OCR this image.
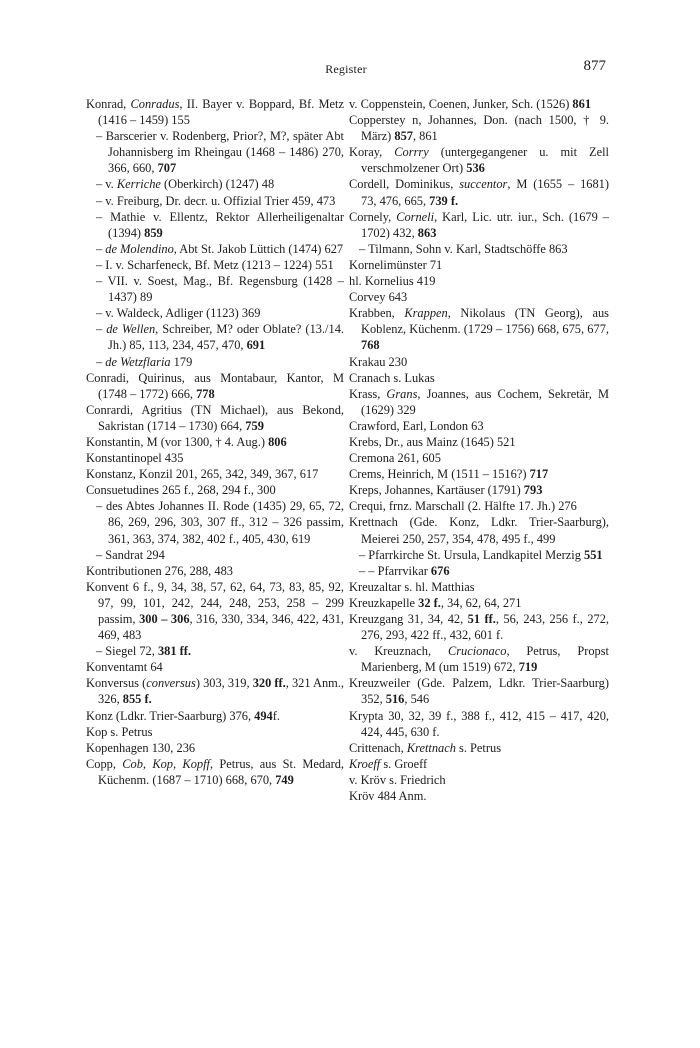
Register	877

Konrad, Conradus, II. Bayer v. Boppard, Bf. Metz (1416 – 1459) 155

– Barscerier v. Rodenberg, Prior?, M?, später Abt Johannisberg im Rheingau (1468 – 1486) 270, 366, 660, 707

– v. Kerriche (Oberkirch) (1247) 48

– v. Freiburg, Dr. decr. u. Offizial Trier 459, 473

– Mathie v. Ellentz, Rektor Allerheiligenaltar (1394) 859

– de Molendino, Abt St. Jakob Lüttich (1474) 627

– I. v. Scharfeneck, Bf. Metz (1213 – 1224) 551

– VII. v. Soest, Mag., Bf. Regensburg (1428 – 1437) 89

– v. Waldeck, Adliger (1123) 369

– de Wellen, Schreiber, M? oder Oblate? (13./14. Jh.) 85, 113, 234, 457, 470, 691

– de Wetzflaria 179

Conradi, Quirinus, aus Montabaur, Kantor, M (1748 – 1772) 666, 778

Conrardi, Agritius (TN Michael), aus Bekond, Sakristan (1714 – 1730) 664, 759

Konstantin, M (vor 1300, † 4. Aug.) 806

Konstantinopel 435

Konstanz, Konzil 201, 265, 342, 349, 367, 617

Consuetudines 265 f., 268, 294 f., 300

– des Abtes Johannes II. Rode (1435) 29, 65, 72, 86, 269, 296, 303, 307 ff., 312 – 326 passim, 361, 363, 374, 382, 402 f., 405, 430, 619

– Sandrat 294

Kontributionen 276, 288, 483

Konvent 6 f., 9, 34, 38, 57, 62, 64, 73, 83, 85, 92, 97, 99, 101, 242, 244, 248, 253, 258 – 299 passim, 300 – 306, 316, 330, 334, 346, 422, 431, 469, 483

– Siegel 72, 381 ff.

Konventamt 64

Konversus (conversus) 303, 319, 320 ff., 321 Anm., 326, 855 f.

Konz (Ldkr. Trier-Saarburg) 376, 494f.

Kop s. Petrus

Kopenhagen 130, 236

Copp, Cob, Kop, Kopff, Petrus, aus St. Medard, Küchenm. (1687 – 1710) 668, 670, 749

v. Coppenstein, Coenen, Junker, Sch. (1526) 861

Copperstey n, Johannes, Don. (nach 1500, † 9. März) 857, 861

Koray, Corrry (untergegangener u. mit Zell verschmolzener Ort) 536

Cordell, Dominikus, succentor, M (1655 – 1681) 73, 476, 665, 739 f.

Cornely, Corneli, Karl, Lic. utr. iur., Sch. (1679 – 1702) 432, 863

– Tilmann, Sohn v. Karl, Stadtschöffe 863

Kornelimünster 71

hl. Kornelius 419

Corvey 643

Krabben, Krappen, Nikolaus (TN Georg), aus Koblenz, Küchenm. (1729 – 1756) 668, 675, 677, 768

Krakau 230

Cranach s. Lukas

Krass, Grans, Joannes, aus Cochem, Sekretär, M (1629) 329

Crawford, Earl, London 63

Krebs, Dr., aus Mainz (1645) 521

Cremona 261, 605

Crems, Heinrich, M (1511 – 1516?) 717

Kreps, Johannes, Kartäuser (1791) 793

Crequi, frnz. Marschall (2. Hälfte 17. Jh.) 276

Krettnach (Gde. Konz, Ldkr. Trier-Saarburg), Meierei 250, 257, 354, 478, 495 f., 499

– Pfarrkirche St. Ursula, Landkapitel Merzig 551

– – Pfarrvikar 676

Kreuzaltar s. hl. Matthias

Kreuzkapelle 32 f., 34, 62, 64, 271

Kreuzgang 31, 34, 42, 51 ff., 56, 243, 256 f., 272, 276, 293, 422 ff., 432, 601 f.

v. Kreuznach, Crucionaco, Petrus, Propst Marienberg, M (um 1519) 672, 719

Kreuzweiler (Gde. Palzem, Ldkr. Trier-Saarburg) 352, 516, 546

Krypta 30, 32, 39 f., 388 f., 412, 415 – 417, 420, 424, 445, 630 f.

Crittenach, Krettnach s. Petrus

Kroeff s. Groeff

v. Kröv s. Friedrich

Kröv 484 Anm.
